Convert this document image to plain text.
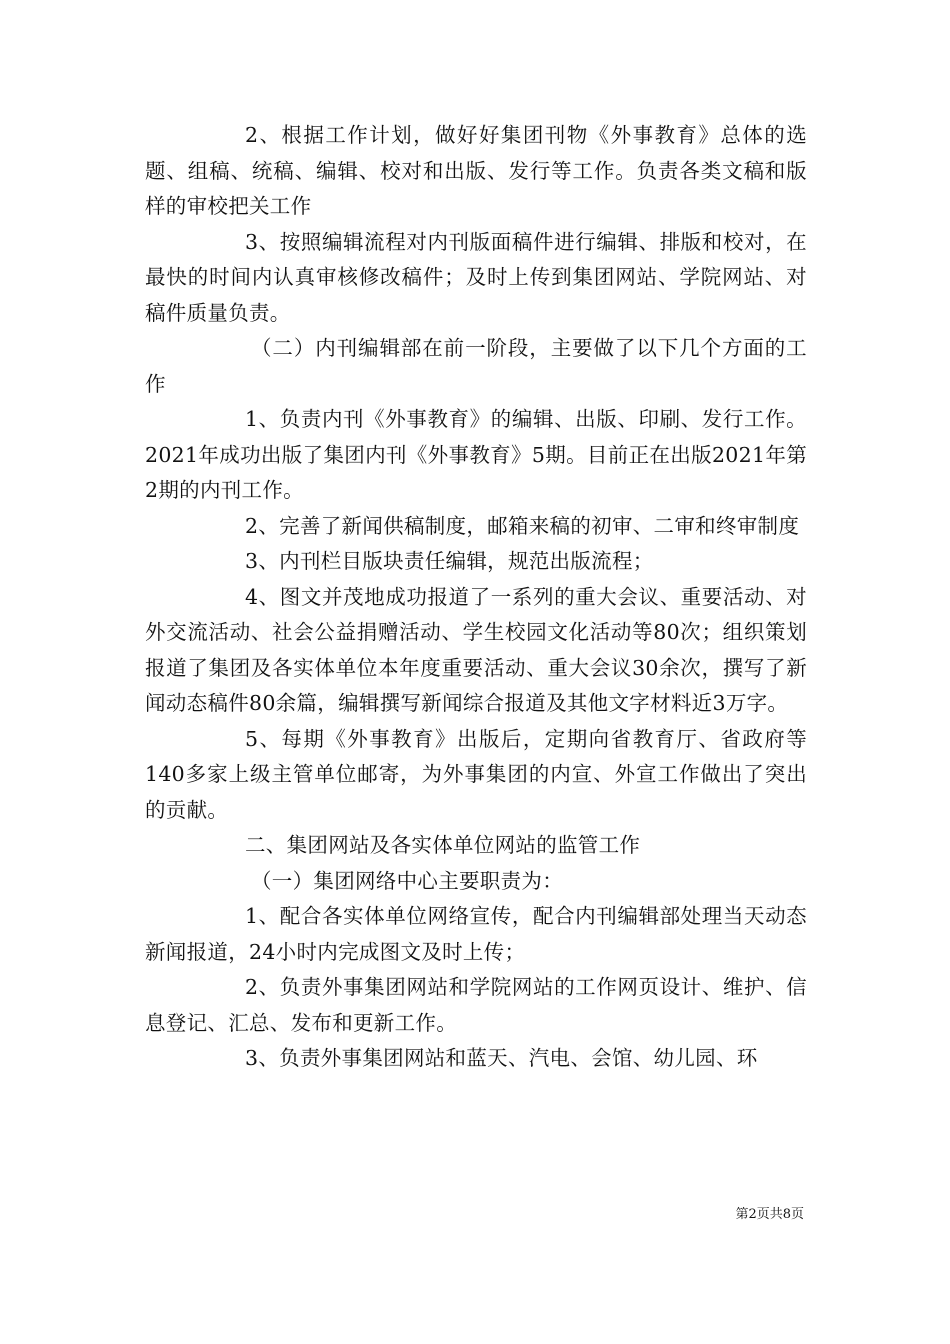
2、根据工作计划，做好好集团刊物《外事教育》总体的选题、组稿、统稿、编辑、校对和出版、发行等工作。负责各类文稿和版样的审校把关工作

3、按照编辑流程对内刊版面稿件进行编辑、排版和校对，在最快的时间内认真审核修改稿件；及时上传到集团网站、学院网站、对稿件质量负责。

（二）内刊编辑部在前一阶段，主要做了以下几个方面的工作

1、负责内刊《外事教育》的编辑、出版、印刷、发行工作。2021年成功出版了集团内刊《外事教育》5期。目前正在出版2021年第2期的内刊工作。

2、完善了新闻供稿制度，邮箱来稿的初审、二审和终审制度

3、内刊栏目版块责任编辑，规范出版流程；

4、图文并茂地成功报道了一系列的重大会议、重要活动、对外交流活动、社会公益捐赠活动、学生校园文化活动等80次；组织策划报道了集团及各实体单位本年度重要活动、重大会议30余次，撰写了新闻动态稿件80余篇，编辑撰写新闻综合报道及其他文字材料近3万字。

5、每期《外事教育》出版后，定期向省教育厅、省政府等140多家上级主管单位邮寄，为外事集团的内宣、外宣工作做出了突出的贡献。

二、集团网站及各实体单位网站的监管工作

（一）集团网络中心主要职责为：

1、配合各实体单位网络宣传，配合内刊编辑部处理当天动态新闻报道，24小时内完成图文及时上传；

2、负责外事集团网站和学院网站的工作网页设计、维护、信息登记、汇总、发布和更新工作。

3、负责外事集团网站和蓝天、汽电、会馆、幼儿园、环

第2页共8页
